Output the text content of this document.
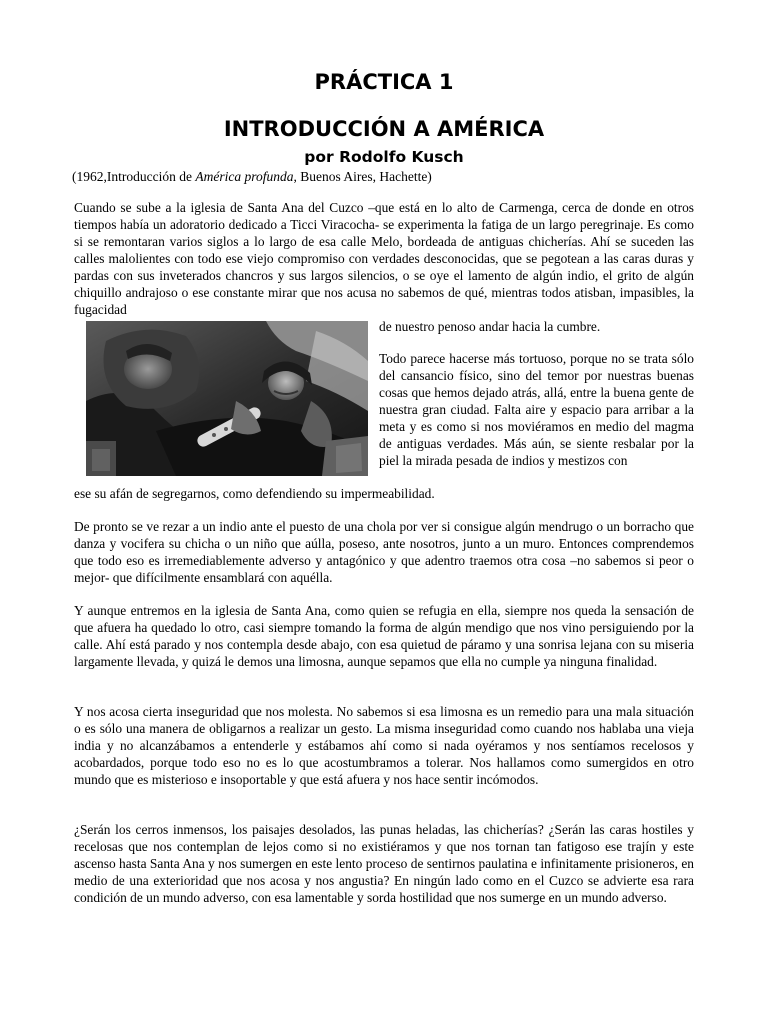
PRÁCTICA 1
INTRODUCCIÓN A AMÉRICA
por Rodolfo Kusch
(1962,Introducción de América profunda, Buenos Aires, Hachette)

Cuando se sube a la iglesia de Santa Ana del Cuzco –que está en lo alto de Carmenga, cerca de donde en otros tiempos había un adoratorio dedicado a Ticci Viracocha- se experimenta la fatiga de un largo peregrinaje. Es como si se remontaran varios siglos a lo largo de esa calle Melo, bordeada de antiguas chicherías. Ahí se suceden las calles malolientes con todo ese viejo compromiso con verdades desconocidas, que se pegotean a las caras duras y pardas con sus inveterados chancros y sus largos silencios, o se oye el lamento de algún indio, el grito de algún chiquillo andrajoso o ese constante mirar que nos acusa no sabemos de qué, mientras todos atisban, impasibles, la fugacidad

de nuestro penoso andar hacia la cumbre.

Todo parece hacerse más tortuoso, porque no se trata sólo del cansancio físico, sino del temor por nuestras buenas cosas que hemos dejado atrás, allá, entre la buena gente de nuestra gran ciudad. Falta aire y espacio para arribar a la meta y es como si nos moviéramos en medio del magma de antiguas verdades. Más aún, se siente resbalar por la piel la mirada pesada de indios y mestizos con

ese su afán de segregarnos, como defendiendo su impermeabilidad.

De pronto se ve rezar a un indio ante el puesto de una chola por ver si consigue algún mendrugo o un borracho que danza y vocifera su chicha o un niño que aúlla, poseso, ante nosotros, junto a un muro. Entonces comprendemos que todo eso es irremediablemente adverso y antagónico y que adentro traemos otra cosa –no sabemos si peor o mejor- que difícilmente ensamblará con aquélla.

Y aunque entremos en la iglesia de Santa Ana, como quien se refugia en ella, siempre nos queda la sensación de que afuera ha quedado lo otro, casi siempre tomando la forma de algún mendigo que nos vino persiguiendo por la calle. Ahí está parado y nos contempla desde abajo, con esa quietud de páramo y una sonrisa lejana con su miseria largamente llevada, y quizá le demos una limosna, aunque sepamos que ella no cumple ya ninguna finalidad.

Y nos acosa cierta inseguridad que nos molesta. No sabemos si esa limosna es un remedio para una mala situación o es sólo una manera de obligarnos a realizar un gesto. La misma inseguridad como cuando nos hablaba una vieja india y no alcanzábamos a entenderle y estábamos ahí como si nada oyéramos y nos sentíamos recelosos y acobardados, porque todo eso no es lo que acostumbramos a tolerar. Nos hallamos como sumergidos en otro mundo que es misterioso e insoportable y que está afuera y nos hace sentir incómodos.

¿Serán los cerros inmensos, los paisajes desolados, las punas heladas, las chicherías? ¿Serán las caras hostiles y recelosas que nos contemplan de lejos como si no existiéramos y que nos tornan tan fatigoso ese trajín y este ascenso hasta Santa Ana y nos sumergen en este lento proceso de sentirnos paulatina e infinitamente prisioneros, en medio de una exterioridad que nos acosa y nos angustia? En ningún lado como en el Cuzco se advierte esa rara condición de un mundo adverso, con esa lamentable y sorda hostilidad que nos sumerge en un mundo adverso.
